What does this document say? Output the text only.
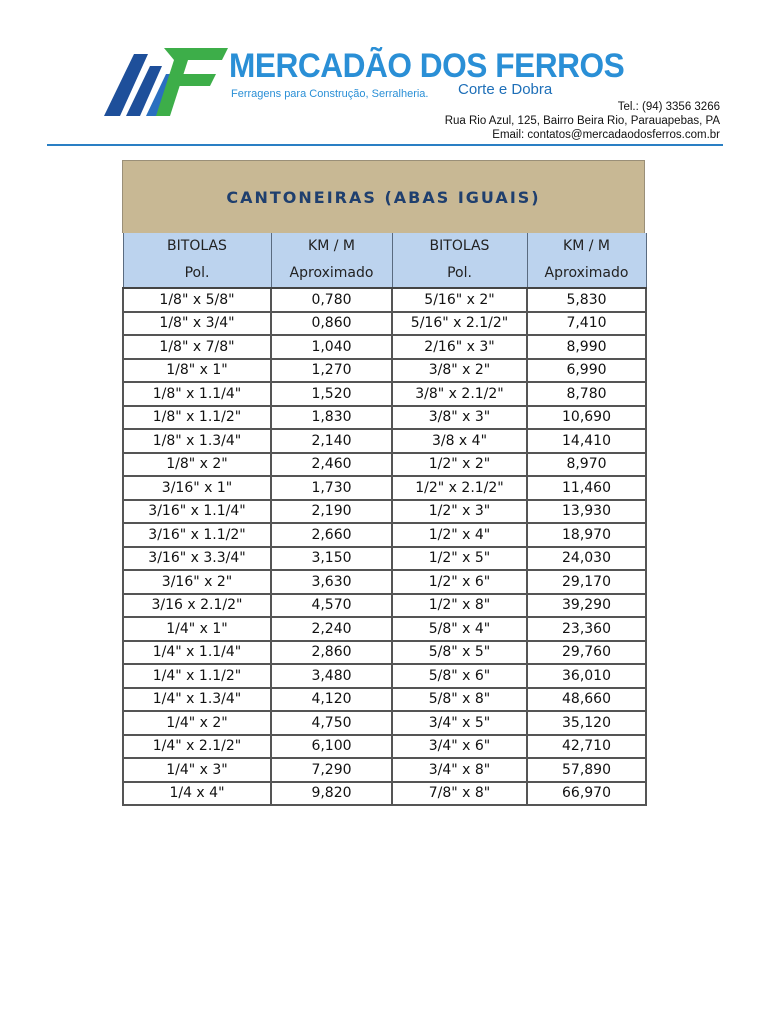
MERCADÃO DOS FERROS
Ferragens para Construção, Serralheria. Corte e Dobra
Tel.: (94) 3356 3266
Rua Rio Azul, 125, Bairro Beira Rio, Parauapebas, PA
Email: contatos@mercadaodosferros.com.br
CANTONEIRAS (ABAS IGUAIS)
BITOLAS	KM / M	BITOLAS	KM / M
Pol.	Aproximado	Pol.	Aproximado
1/8" x 5/8"	0,780	5/16" x 2"	5,830
1/8" x 3/4"	0,860	5/16" x 2.1/2"	7,410
1/8" x 7/8"	1,040	2/16" x 3"	8,990
1/8" x 1"	1,270	3/8" x 2"	6,990
1/8" x 1.1/4"	1,520	3/8" x 2.1/2"	8,780
1/8" x 1.1/2"	1,830	3/8" x 3"	10,690
1/8" x 1.3/4"	2,140	3/8 x 4"	14,410
1/8" x 2"	2,460	1/2" x 2"	8,970
3/16" x 1"	1,730	1/2" x 2.1/2"	11,460
3/16" x 1.1/4"	2,190	1/2" x 3"	13,930
3/16" x 1.1/2"	2,660	1/2" x 4"	18,970
3/16" x 3.3/4"	3,150	1/2" x 5"	24,030
3/16" x 2"	3,630	1/2" x 6"	29,170
3/16 x 2.1/2"	4,570	1/2" x 8"	39,290
1/4" x 1"	2,240	5/8" x 4"	23,360
1/4" x 1.1/4"	2,860	5/8" x 5"	29,760
1/4" x 1.1/2"	3,480	5/8" x 6"	36,010
1/4" x 1.3/4"	4,120	5/8" x 8"	48,660
1/4" x 2"	4,750	3/4" x 5"	35,120
1/4" x 2.1/2"	6,100	3/4" x 6"	42,710
1/4" x 3"	7,290	3/4" x 8"	57,890
1/4 x 4"	9,820	7/8" x 8"	66,970
